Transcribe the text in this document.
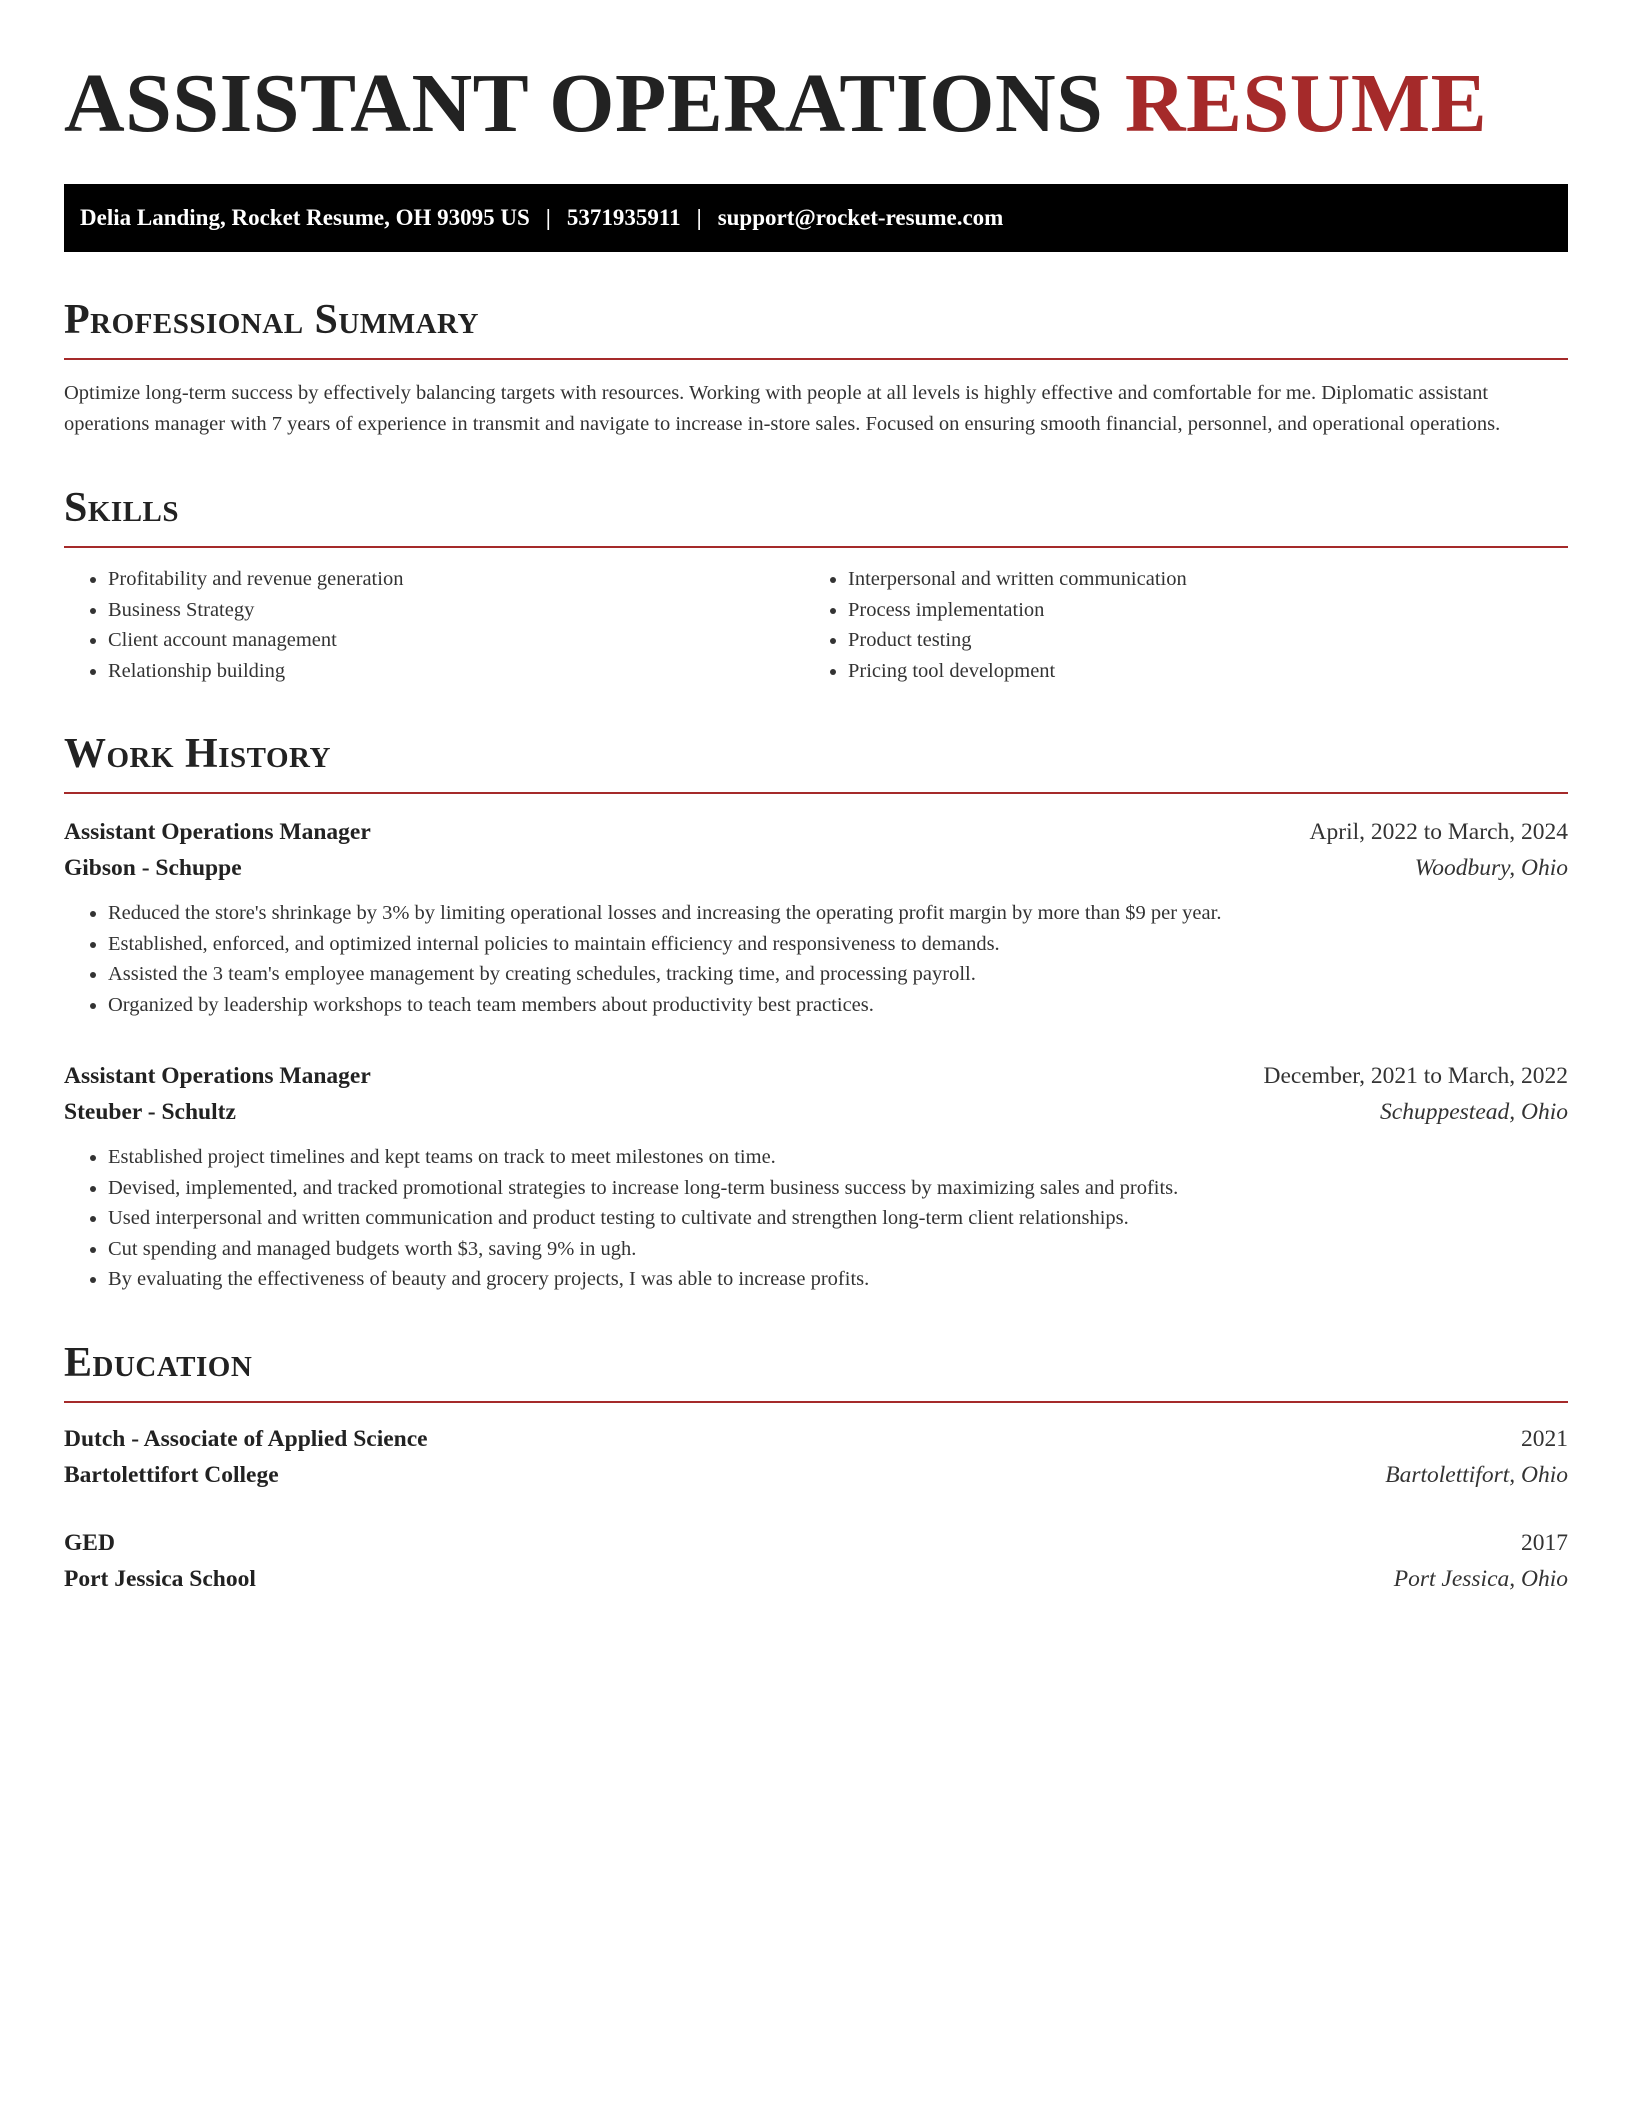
ASSISTANT OPERATIONS RESUME
Delia Landing, Rocket Resume, OH 93095 US | 5371935911 | support@rocket-resume.com
Professional Summary

Optimize long-term success by effectively balancing targets with resources. Working with people at all levels is highly effective and comfortable for me. Diplomatic assistant operations manager with 7 years of experience in transmit and navigate to increase in-store sales. Focused on ensuring smooth financial, personnel, and operational operations.

Skills
• Profitability and revenue generation
• Business Strategy
• Client account management
• Relationship building
• Interpersonal and written communication
• Process implementation
• Product testing
• Pricing tool development
Work History
Assistant Operations Manager	April, 2022 to March, 2024
Gibson - Schuppe	Woodbury, Ohio
• Reduced the store's shrinkage by 3% by limiting operational losses and increasing the operating profit margin by more than $9 per year.
• Established, enforced, and optimized internal policies to maintain efficiency and responsiveness to demands.
• Assisted the 3 team's employee management by creating schedules, tracking time, and processing payroll.
• Organized by leadership workshops to teach team members about productivity best practices.
Assistant Operations Manager	December, 2021 to March, 2022
Steuber - Schultz	Schuppestead, Ohio
• Established project timelines and kept teams on track to meet milestones on time.
• Devised, implemented, and tracked promotional strategies to increase long-term business success by maximizing sales and profits.
• Used interpersonal and written communication and product testing to cultivate and strengthen long-term client relationships.
• Cut spending and managed budgets worth $3, saving 9% in ugh.
• By evaluating the effectiveness of beauty and grocery projects, I was able to increase profits.
Education
Dutch - Associate of Applied Science	2021
Bartolettifort College	Bartolettifort, Ohio
GED	2017
Port Jessica School	Port Jessica, Ohio
